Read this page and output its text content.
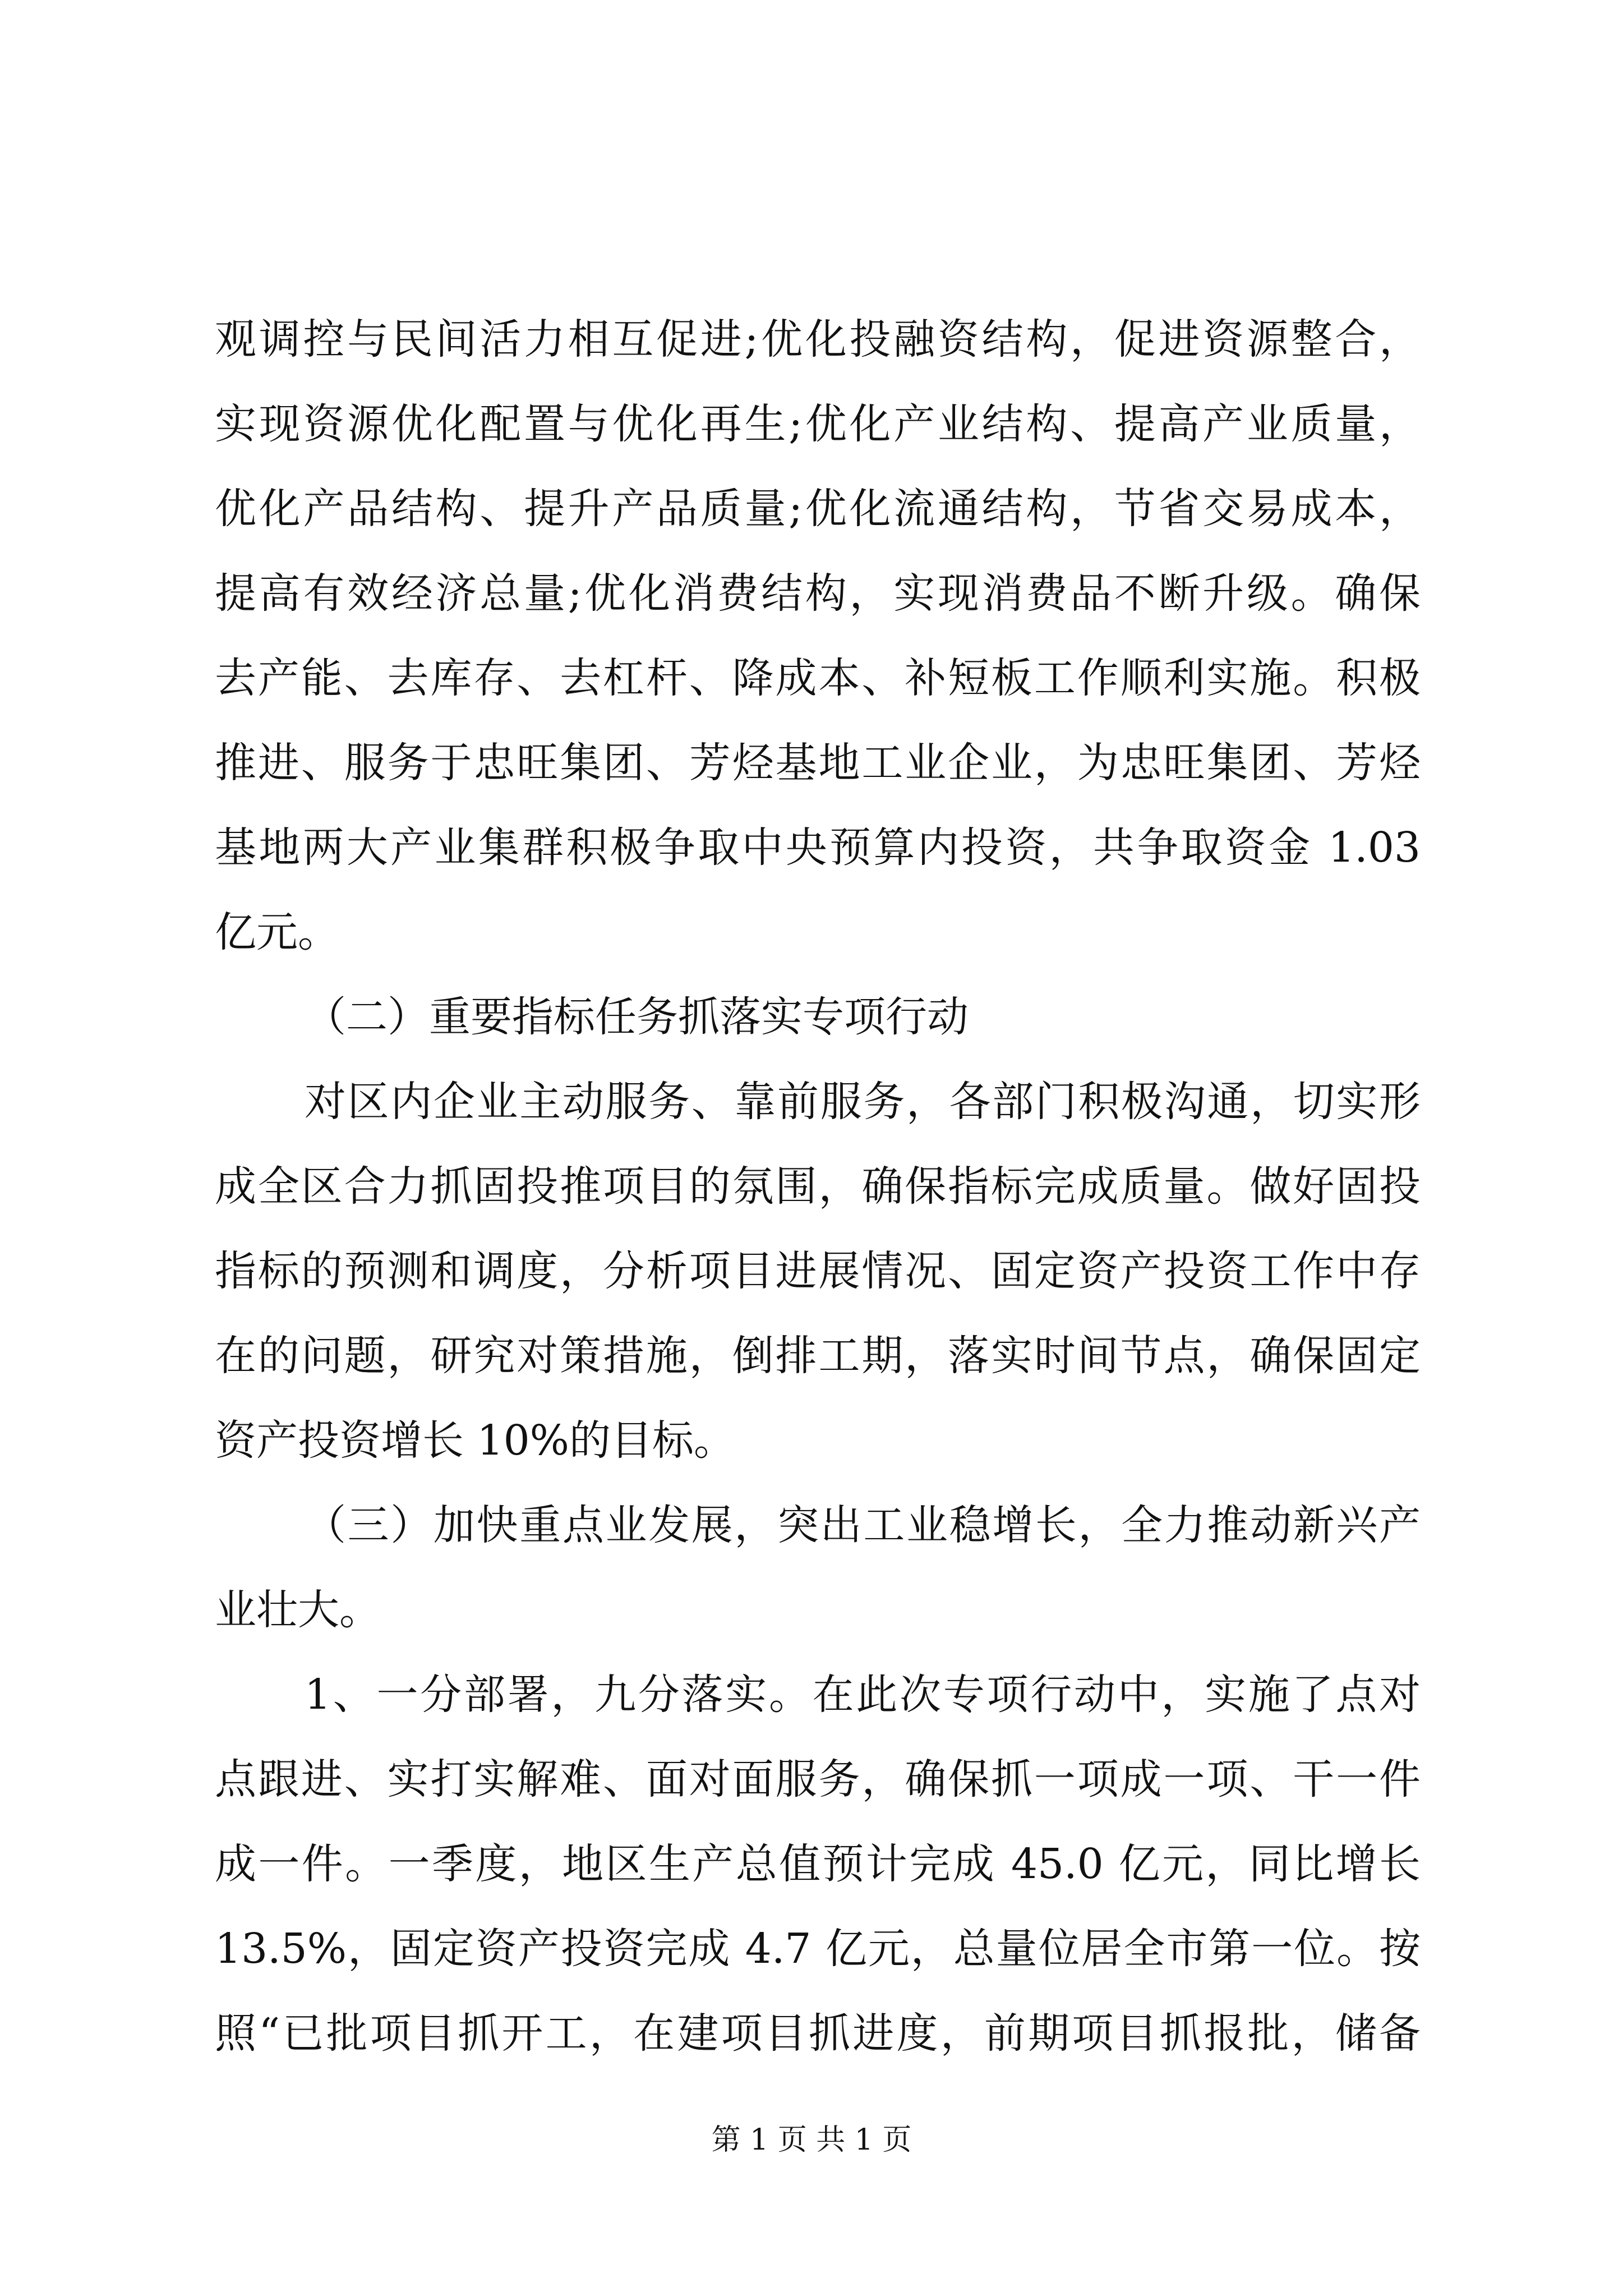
观调控与民间活力相互促进;优化投融资结构，促进资源整合，
实现资源优化配置与优化再生;优化产业结构、提高产业质量，
优化产品结构、提升产品质量;优化流通结构，节省交易成本，
提高有效经济总量;优化消费结构，实现消费品不断升级。确保
去产能、去库存、去杠杆、降成本、补短板工作顺利实施。积极
推进、服务于忠旺集团、芳烃基地工业企业，为忠旺集团、芳烃
基地两大产业集群积极争取中央预算内投资，共争取资金 1.03
亿元。
（二）重要指标任务抓落实专项行动
对区内企业主动服务、靠前服务，各部门积极沟通，切实形
成全区合力抓固投推项目的氛围，确保指标完成质量。做好固投
指标的预测和调度，分析项目进展情况、固定资产投资工作中存
在的问题，研究对策措施，倒排工期，落实时间节点，确保固定
资产投资增长 10%的目标。
（三）加快重点业发展，突出工业稳增长，全力推动新兴产
业壮大。
1、一分部署，九分落实。在此次专项行动中，实施了点对
点跟进、实打实解难、面对面服务，确保抓一项成一项、干一件
成一件。一季度，地区生产总值预计完成 45.0 亿元，同比增长
13.5%，固定资产投资完成 4.7 亿元，总量位居全市第一位。按
照“已批项目抓开工，在建项目抓进度，前期项目抓报批，储备
第 1 页 共 1 页
